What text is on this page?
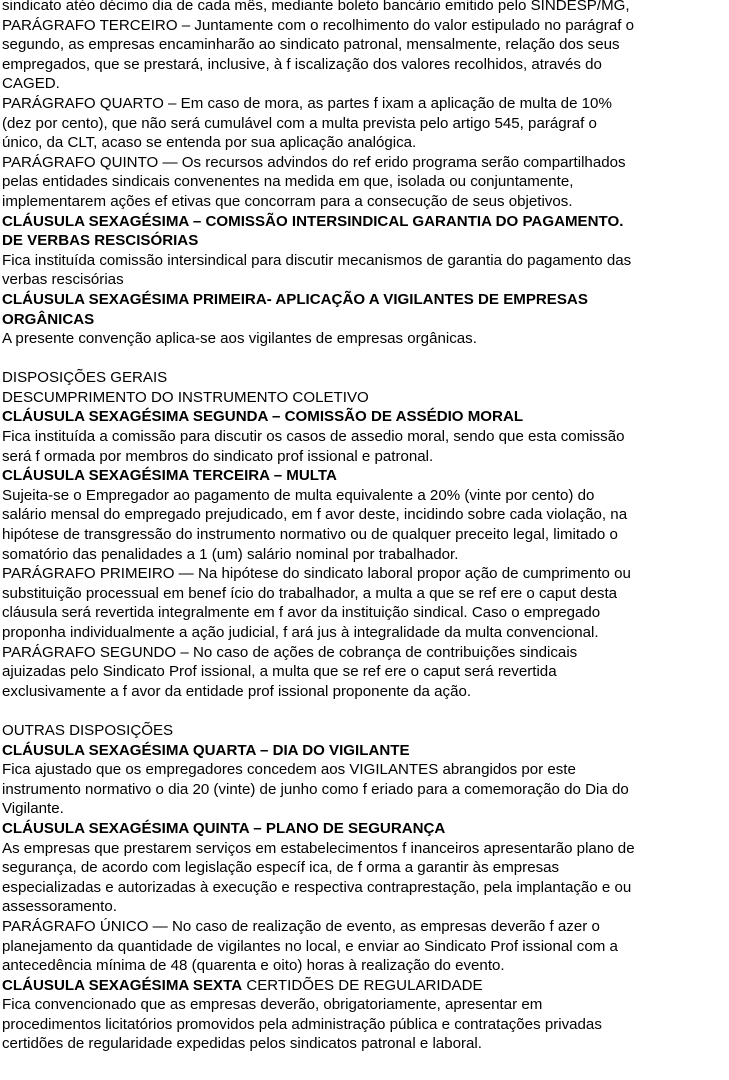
sindicato atéo décimo dia de cada mês, mediante boleto bancário emitido pelo SINDESP/MG,
PARÁGRAFO TERCEIRO – Juntamente com o recolhimento do valor estipulado no parágraf o
segundo, as empresas encaminharão ao sindicato patronal, mensalmente, relação dos seus
empregados, que se prestará, inclusive, à f iscalização dos valores recolhidos, através do
CAGED.
PARÁGRAFO QUARTO – Em caso de mora, as partes f ixam a aplicação de multa de 10%
(dez por cento), que não será cumulável com a multa prevista pelo artigo 545, parágraf o
único, da CLT, acaso se entenda por sua aplicação analógica.
PARÁGRAFO QUINTO — Os recursos advindos do ref erido programa serão compartilhados
pelas entidades sindicais convenentes na medida em que, isolada ou conjuntamente,
implementarem ações ef etivas que concorram para a consecução de seus objetivos.
CLÁUSULA SEXAGÉSIMA – COMISSÃO INTERSINDICAL GARANTIA DO PAGAMENTO.
DE VERBAS RESCISÓRIAS
Fica instituída comissão intersindical para discutir mecanismos de garantia do pagamento das
verbas rescisórias
CLÁUSULA SEXAGÉSIMA PRIMEIRA- APLICAÇÃO A VIGILANTES DE EMPRESAS
ORGÂNICAS
A presente convenção aplica-se aos vigilantes de empresas orgânicas.

DISPOSIÇÕES GERAIS
DESCUMPRIMENTO DO INSTRUMENTO COLETIVO
CLÁUSULA SEXAGÉSIMA SEGUNDA – COMISSÃO DE ASSÉDIO MORAL
Fica instituída a comissão para discutir os casos de assedio moral, sendo que esta comissão
será f ormada por membros do sindicato prof issional e patronal.
CLÁUSULA SEXAGÉSIMA TERCEIRA – MULTA
Sujeita-se o Empregador ao pagamento de multa equivalente a 20% (vinte por cento) do
salário mensal do empregado prejudicado, em f avor deste, incidindo sobre cada violação, na
hipótese de transgressão do instrumento normativo ou de qualquer preceito legal, limitado o
somatório das penalidades a 1 (um) salário nominal por trabalhador.
PARÁGRAFO PRIMEIRO — Na hipótese do sindicato laboral propor ação de cumprimento ou
substituição processual em benef ício do trabalhador, a multa a que se ref ere o caput desta
cláusula será revertida integralmente em f avor da instituição sindical. Caso o empregado
proponha individualmente a ação judicial, f ará jus à integralidade da multa convencional.
PARÁGRAFO SEGUNDO – No caso de ações de cobrança de contribuições sindicais
ajuizadas pelo Sindicato Prof issional, a multa que se ref ere o caput será revertida
exclusivamente a f avor da entidade prof issional proponente da ação.

OUTRAS DISPOSIÇÕES
CLÁUSULA SEXAGÉSIMA QUARTA – DIA DO VIGILANTE
Fica ajustado que os empregadores concedem aos VIGILANTES abrangidos por este
instrumento normativo o dia 20 (vinte) de junho como f eriado para a comemoração do Dia do
Vigilante.
CLÁUSULA SEXAGÉSIMA QUINTA – PLANO DE SEGURANÇA
As empresas que prestarem serviços em estabelecimentos f inanceiros apresentarão plano de
segurança, de acordo com legislação específ ica, de f orma a garantir às empresas
especializadas e autorizadas à execução e respectiva contraprestação, pela implantação e ou
assessoramento.
PARÁGRAFO ÚNICO — No caso de realização de evento, as empresas deverão f azer o
planejamento da quantidade de vigilantes no local, e enviar ao Sindicato Prof issional com a
antecedência mínima de 48 (quarenta e oito) horas à realização do evento.
CLÁUSULA SEXAGÉSIMA SEXTA CERTIDÕES DE REGULARIDADE
Fica convencionado que as empresas deverão, obrigatoriamente, apresentar em
procedimentos licitatórios promovidos pela administração pública e contratações privadas
certidões de regularidade expedidas pelos sindicatos patronal e laboral.
